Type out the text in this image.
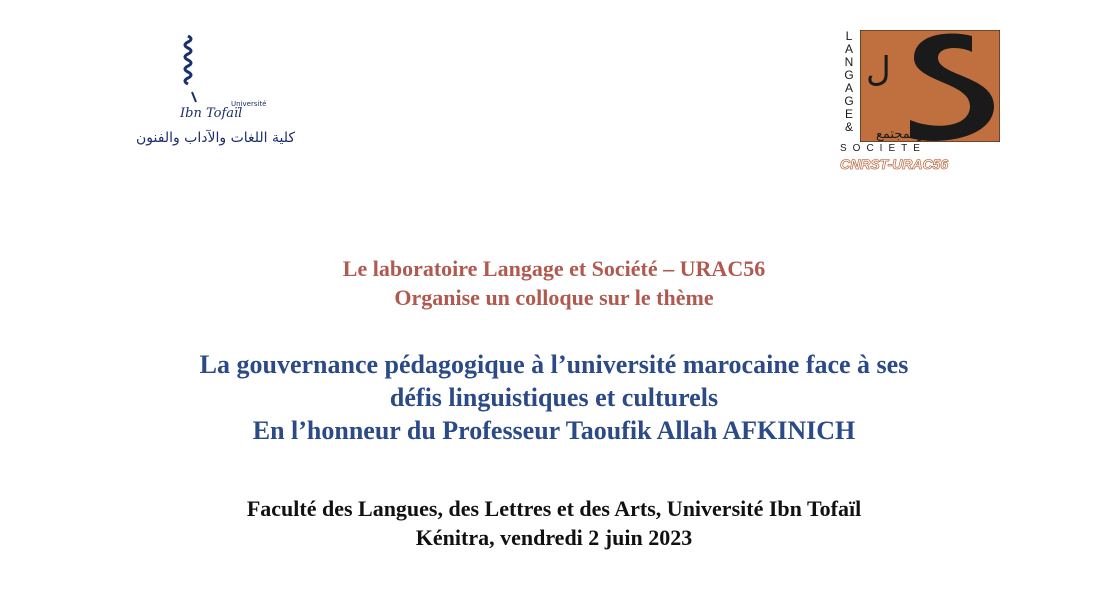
Université
Ibn Tofaïl
كلية اللغات والآداب والفنون
L
A
N
G
A
G
E
&
ل
اللغة والمجتمع
SOCIETE
CNRST-URAC56
Le laboratoire Langage et Société – URAC56
Organise un colloque sur le thème
La gouvernance pédagogique à l’université marocaine face à ses
défis linguistiques et culturels
En l’honneur du Professeur Taoufik Allah AFKINICH
Faculté des Langues, des Lettres et des Arts, Université Ibn Tofaïl
Kénitra, vendredi 2 juin 2023
